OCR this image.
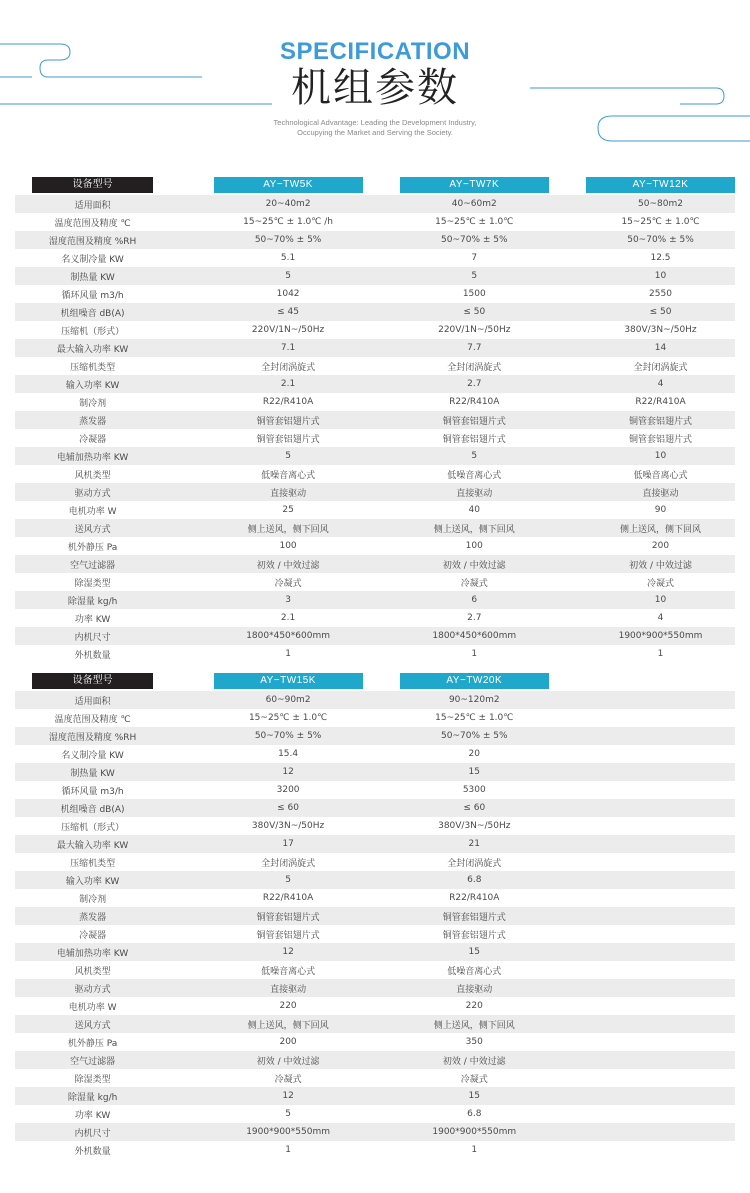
SPECIFICATION
机组参数
Technological Advantage: Leading the Development Industry, Occupying the Market and Serving the Society.
设备型号		AY−TW5K		AY−TW7K		AY−TW12K	

适用面积		20~40m2		40~60m2		50~80m2	
温度范围及精度 ℃		15~25℃ ± 1.0℃ /h		15~25℃ ± 1.0℃		15~25℃ ± 1.0℃	
湿度范围及精度 %RH		50~70% ± 5%		50~70% ± 5%		50~70% ± 5%	
名义制冷量 KW		5.1		7		12.5	
制热量 KW		5		5		10	
循环风量 m3/h		1042		1500		2550	
机组噪音 dB(A)		≤ 45		≤ 50		≤ 50	
压缩机（形式）		220V/1N~/50Hz		220V/1N~/50Hz		380V/3N~/50Hz	
最大输入功率 KW		7.1		7.7		14	
压缩机类型		全封闭涡旋式		全封闭涡旋式		全封闭涡旋式	
输入功率 KW		2.1		2.7		4	
制冷剂		R22/R410A		R22/R410A		R22/R410A	
蒸发器		铜管套铝翅片式		铜管套铝翅片式		铜管套铝翅片式	
冷凝器		铜管套铝翅片式		铜管套铝翅片式		铜管套铝翅片式	
电辅加热功率 KW		5		5		10	
风机类型		低噪音离心式		低噪音离心式		低噪音离心式	
驱动方式		直接驱动		直接驱动		直接驱动	
电机功率 W		25		40		90	
送风方式		侧上送风，侧下回风		侧上送风，侧下回风		侧上送风，侧下回风	
机外静压 Pa		100		100		200	
空气过滤器		初效 / 中效过滤		初效 / 中效过滤		初效 / 中效过滤	
除湿类型		冷凝式		冷凝式		冷凝式	
除湿量 kg/h		3		6		10	
功率 KW		2.1		2.7		4	
内机尺寸		1800*450*600mm		1800*450*600mm		1900*900*550mm	
外机数量		1		1		1	
设备型号		AY−TW15K		AY−TW20K			

适用面积		60~90m2		90~120m2			
温度范围及精度 ℃		15~25℃ ± 1.0℃		15~25℃ ± 1.0℃			
湿度范围及精度 %RH		50~70% ± 5%		50~70% ± 5%			
名义制冷量 KW		15.4		20			
制热量 KW		12		15			
循环风量 m3/h		3200		5300			
机组噪音 dB(A)		≤ 60		≤ 60			
压缩机（形式）		380V/3N~/50Hz		380V/3N~/50Hz			
最大输入功率 KW		17		21			
压缩机类型		全封闭涡旋式		全封闭涡旋式			
输入功率 KW		5		6.8			
制冷剂		R22/R410A		R22/R410A			
蒸发器		铜管套铝翅片式		铜管套铝翅片式			
冷凝器		铜管套铝翅片式		铜管套铝翅片式			
电辅加热功率 KW		12		15			
风机类型		低噪音离心式		低噪音离心式			
驱动方式		直接驱动		直接驱动			
电机功率 W		220		220			
送风方式		侧上送风，侧下回风		侧上送风，侧下回风			
机外静压 Pa		200		350			
空气过滤器		初效 / 中效过滤		初效 / 中效过滤			
除湿类型		冷凝式		冷凝式			
除湿量 kg/h		12		15			
功率 KW		5		6.8			
内机尺寸		1900*900*550mm		1900*900*550mm			
外机数量		1		1			
